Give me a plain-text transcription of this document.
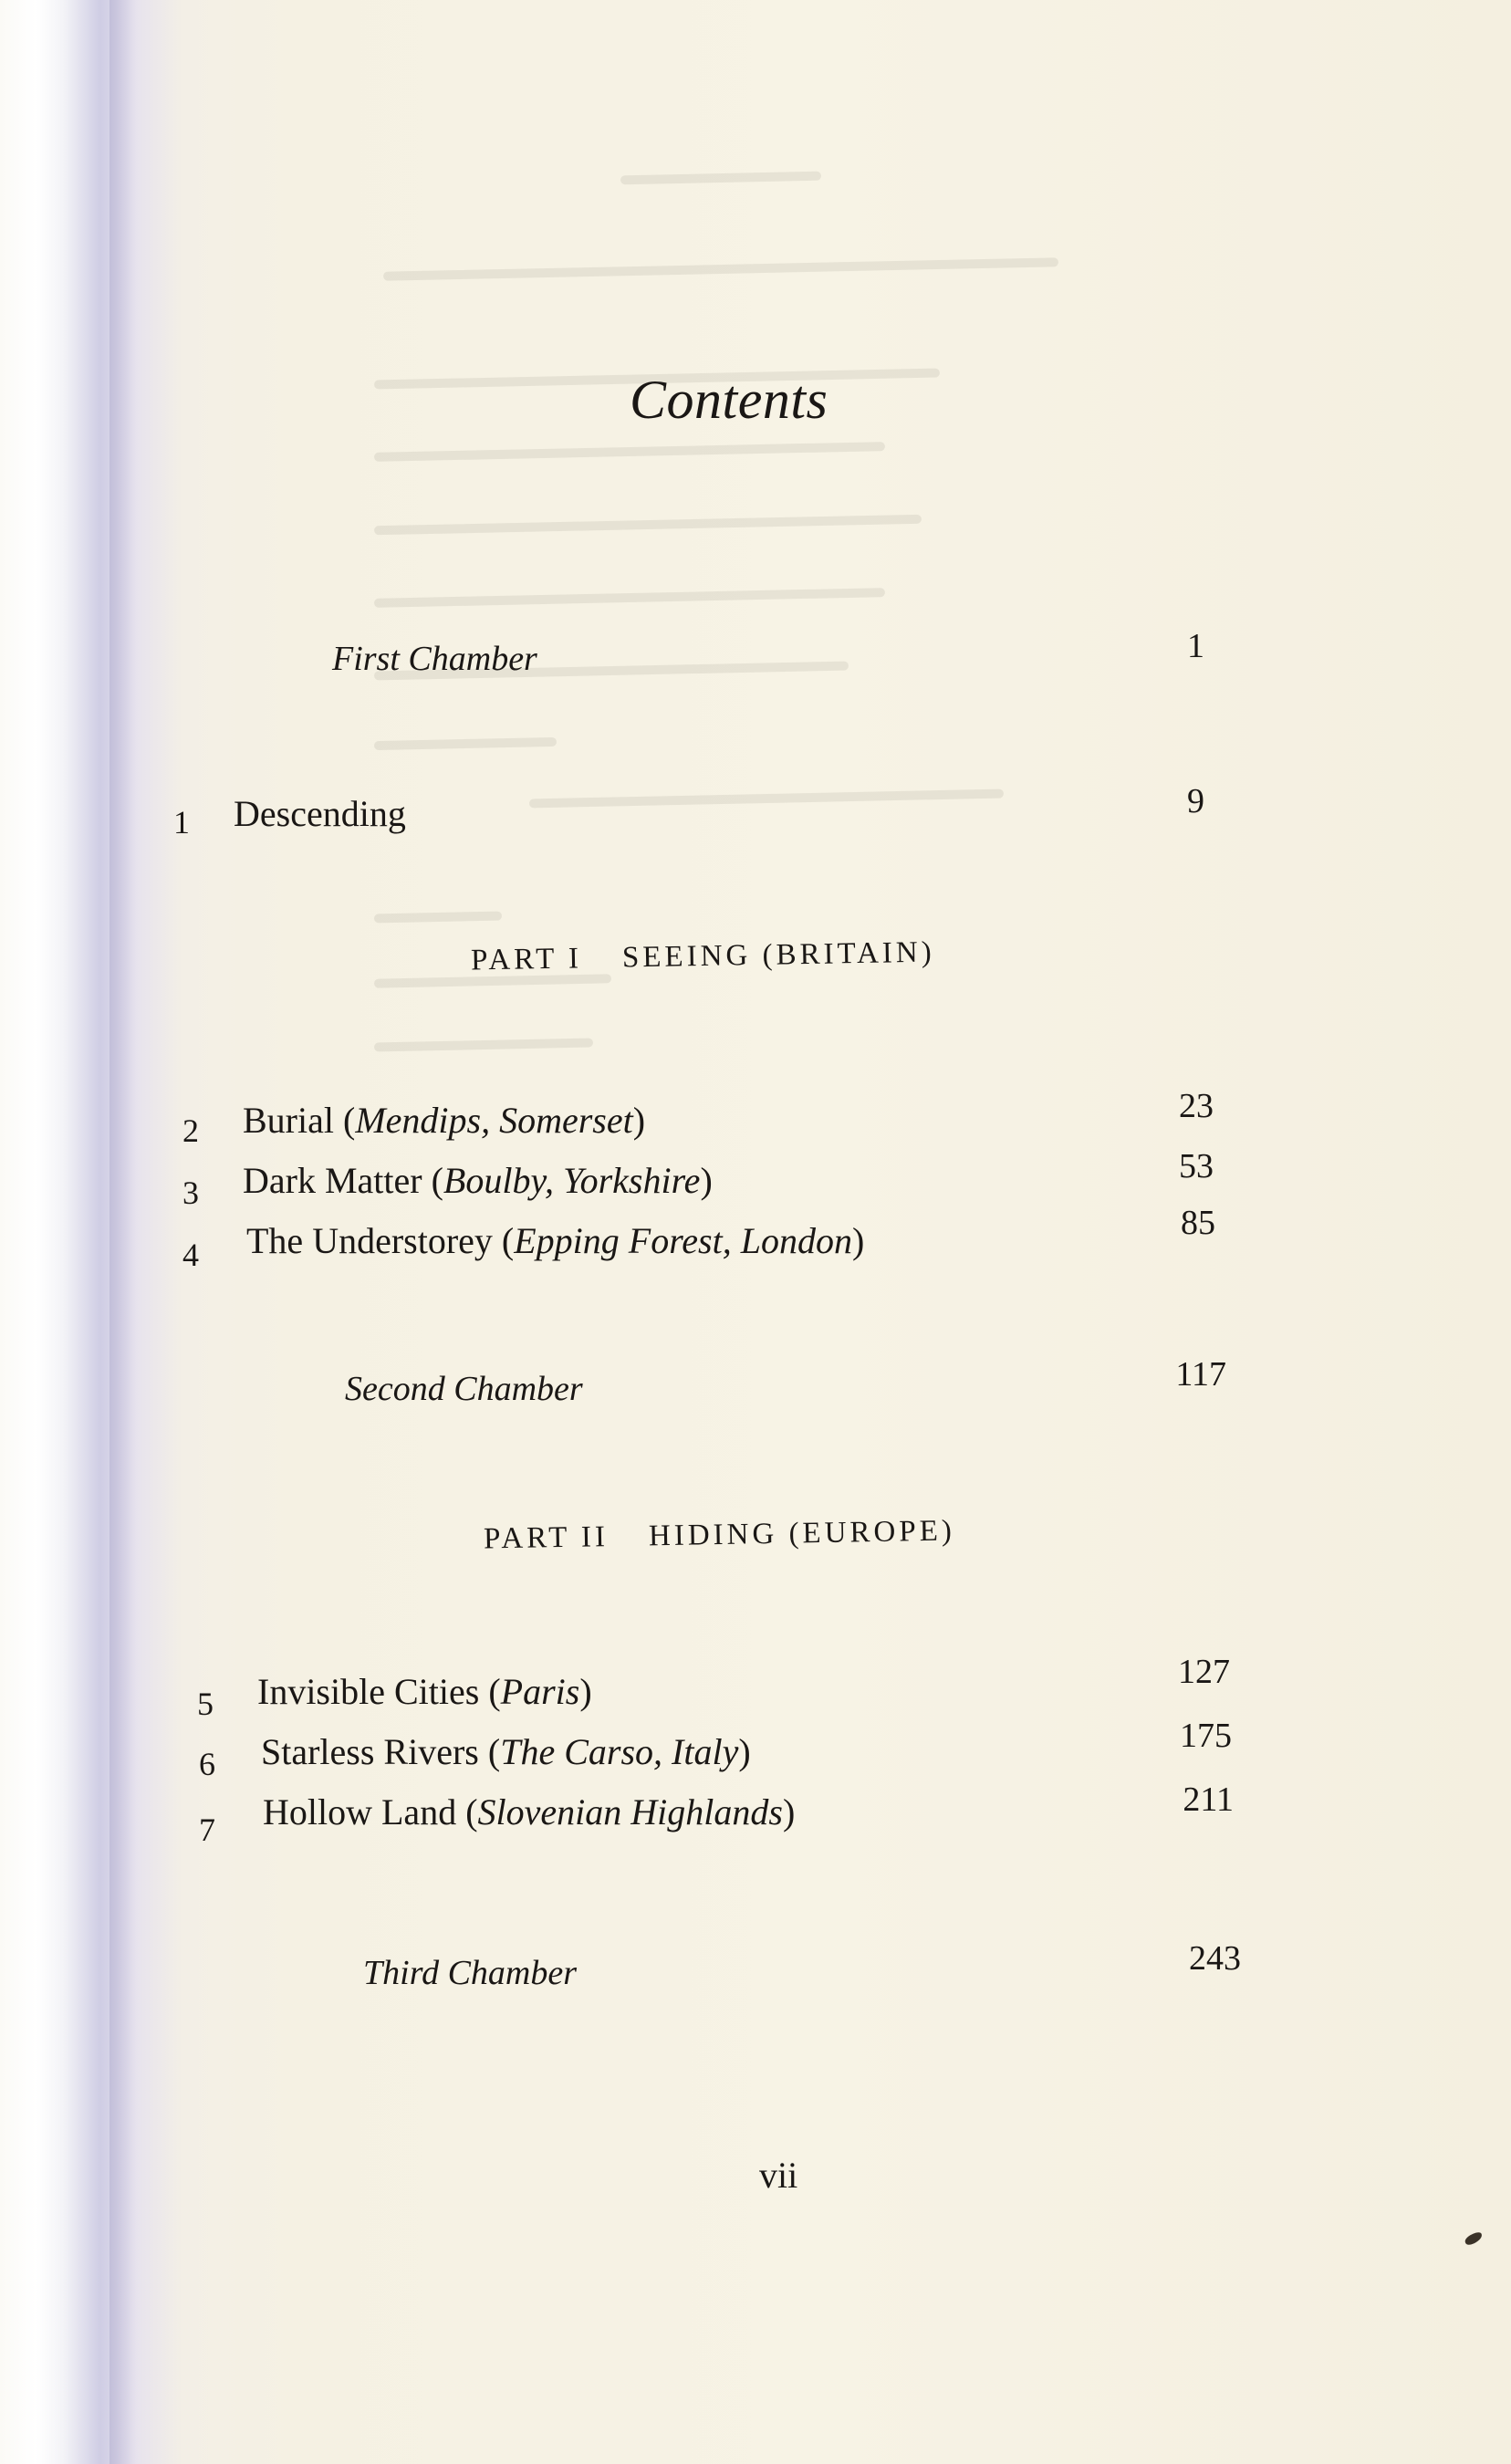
Contents
First Chamber	1
1 Descending	9
PART I SEEING (BRITAIN)
2 Burial (Mendips, Somerset)	23
3 Dark Matter (Boulby, Yorkshire)	53
4 The Understorey (Epping Forest, London)	85
Second Chamber	117
PART II HIDING (EUROPE)
5 Invisible Cities (Paris)	127
6 Starless Rivers (The Carso, Italy)	175
7 Hollow Land (Slovenian Highlands)	211
Third Chamber	243
vii
